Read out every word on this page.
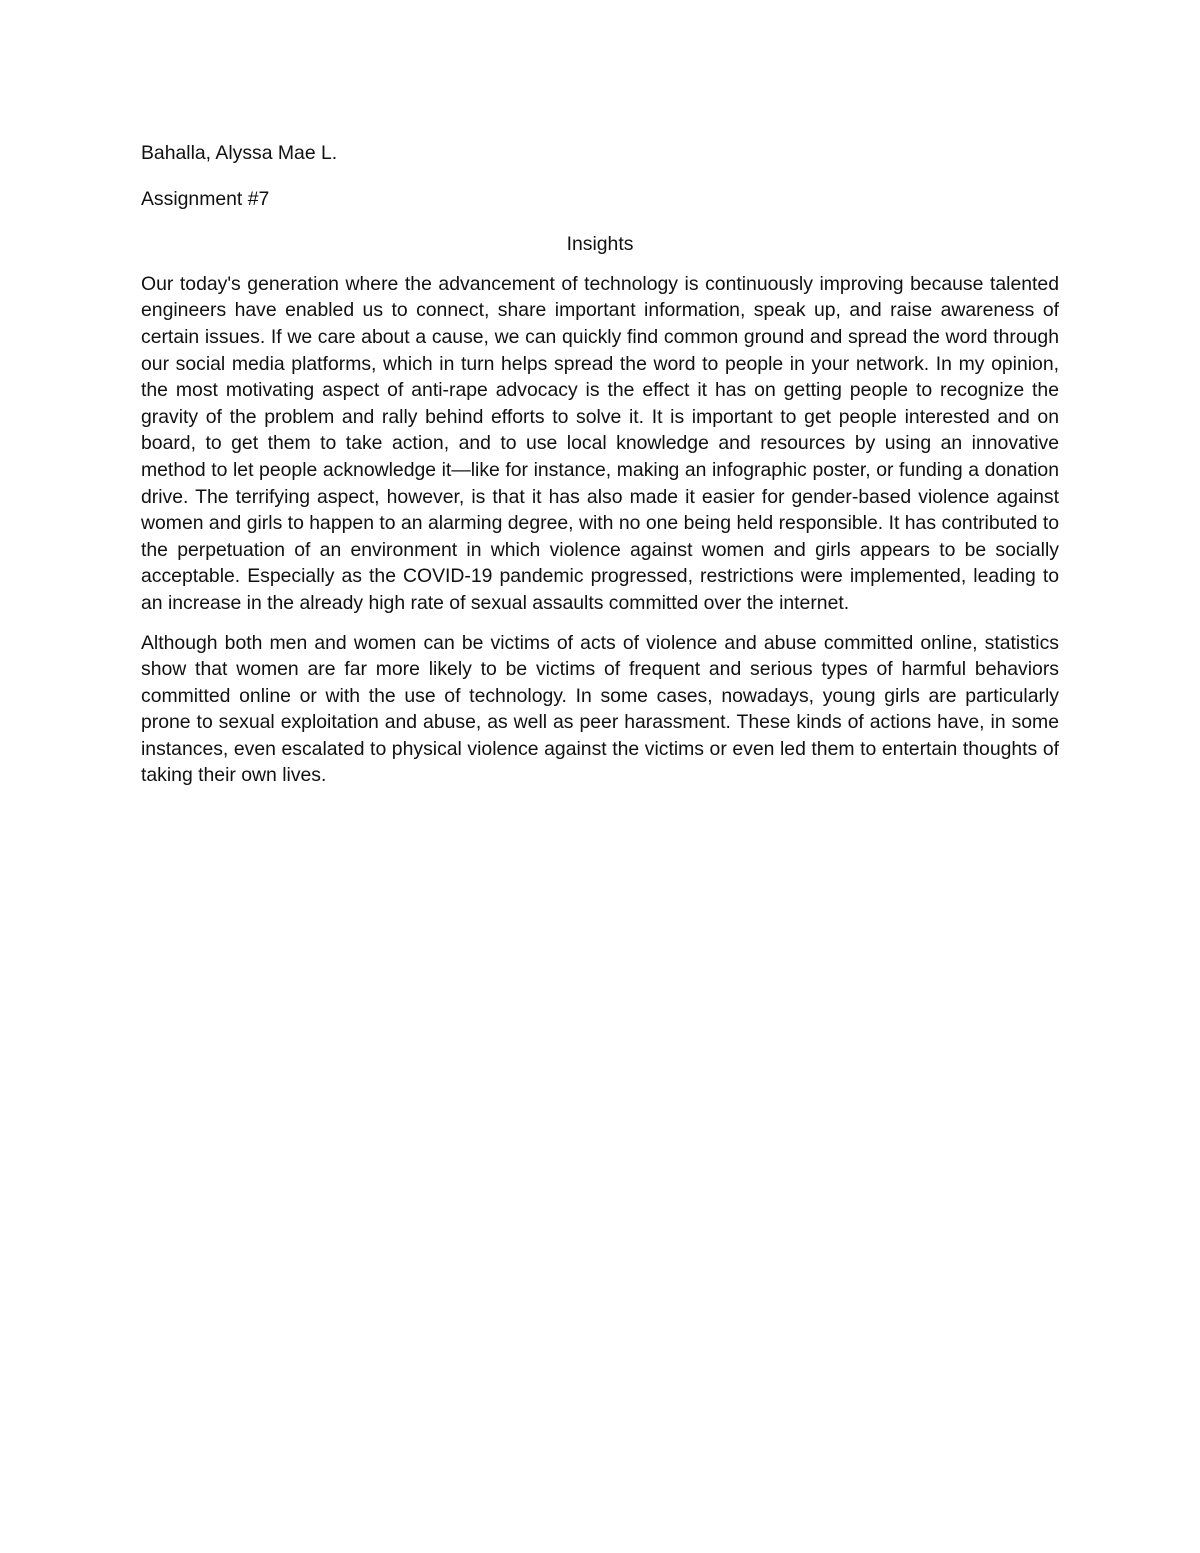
Bahalla, Alyssa Mae L.

Assignment #7

Insights

Our today's generation where the advancement of technology is continuously improving because talented engineers have enabled us to connect, share important information, speak up, and raise awareness of certain issues. If we care about a cause, we can quickly find common ground and spread the word through our social media platforms, which in turn helps spread the word to people in your network. In my opinion, the most motivating aspect of anti-rape advocacy is the effect it has on getting people to recognize the gravity of the problem and rally behind efforts to solve it. It is important to get people interested and on board, to get them to take action, and to use local knowledge and resources by using an innovative method to let people acknowledge it—like for instance, making an infographic poster, or funding a donation drive. The terrifying aspect, however, is that it has also made it easier for gender-based violence against women and girls to happen to an alarming degree, with no one being held responsible. It has contributed to the perpetuation of an environment in which violence against women and girls appears to be socially acceptable. Especially as the COVID-19 pandemic progressed, restrictions were implemented, leading to an increase in the already high rate of sexual assaults committed over the internet.

Although both men and women can be victims of acts of violence and abuse committed online, statistics show that women are far more likely to be victims of frequent and serious types of harmful behaviors committed online or with the use of technology. In some cases, nowadays, young girls are particularly prone to sexual exploitation and abuse, as well as peer harassment. These kinds of actions have, in some instances, even escalated to physical violence against the victims or even led them to entertain thoughts of taking their own lives.
